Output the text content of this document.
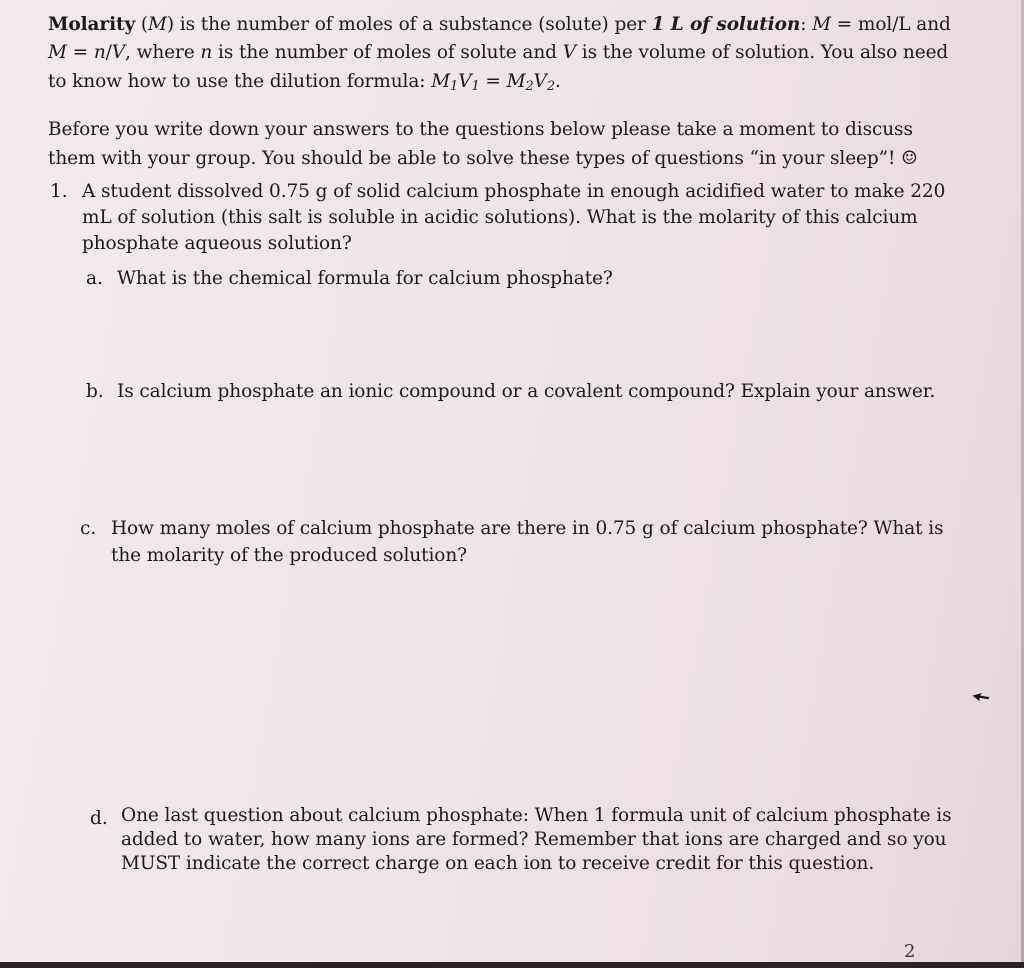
Molarity (M) is the number of moles of a substance (solute) per 1 L of solution: M = mol/L and
M = n/V, where n is the number of moles of solute and V is the volume of solution. You also need
to know how to use the dilution formula: $M_1V_1 = M_2V_2$.
Before you write down your answers to the questions below please take a moment to discuss
them with your group. You should be able to solve these types of questions “in your sleep”! ☺
1. A student dissolved 0.75 g of solid calcium phosphate in enough acidified water to make 220
mL of solution (this salt is soluble in acidic solutions). What is the molarity of this calcium
phosphate aqueous solution?
a. What is the chemical formula for calcium phosphate?
b. Is calcium phosphate an ionic compound or a covalent compound? Explain your answer.
c. How many moles of calcium phosphate are there in 0.75 g of calcium phosphate? What is
the molarity of the produced solution?
d. One last question about calcium phosphate: When 1 formula unit of calcium phosphate is
added to water, how many ions are formed? Remember that ions are charged and so you
MUST indicate the correct charge on each ion to receive credit for this question.
2
